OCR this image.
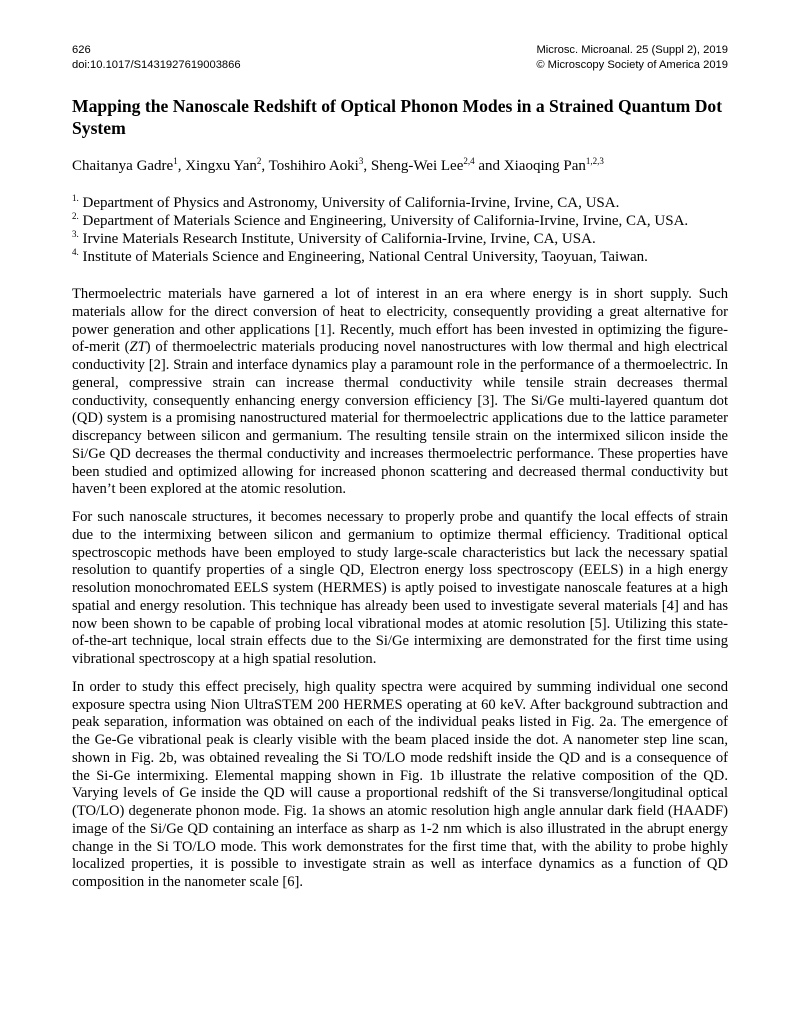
626
doi:10.1017/S1431927619003866
Microsc. Microanal. 25 (Suppl 2), 2019
© Microscopy Society of America 2019
Mapping the Nanoscale Redshift of Optical Phonon Modes in a Strained Quantum Dot System
Chaitanya Gadre$^1$, Xingxu Yan$^2$, Toshihiro Aoki$^3$, Sheng-Wei Lee$^{2,4}$ and Xiaoqing Pan$^{1,2,3}$
$^{1.}$ Department of Physics and Astronomy, University of California-Irvine, Irvine, CA, USA.
$^{2.}$ Department of Materials Science and Engineering, University of California-Irvine, Irvine, CA, USA.
$^{3.}$ Irvine Materials Research Institute, University of California-Irvine, Irvine, CA, USA.
$^{4.}$ Institute of Materials Science and Engineering, National Central University, Taoyuan, Taiwan.

Thermoelectric materials have garnered a lot of interest in an era where energy is in short supply. Such materials allow for the direct conversion of heat to electricity, consequently providing a great alternative for power generation and other applications [1]. Recently, much effort has been invested in optimizing the figure-of-merit (ZT) of thermoelectric materials producing novel nanostructures with low thermal and high electrical conductivity [2]. Strain and interface dynamics play a paramount role in the performance of a thermoelectric. In general, compressive strain can increase thermal conductivity while tensile strain decreases thermal conductivity, consequently enhancing energy conversion efficiency [3]. The Si/Ge multi-layered quantum dot (QD) system is a promising nanostructured material for thermoelectric applications due to the lattice parameter discrepancy between silicon and germanium. The resulting tensile strain on the intermixed silicon inside the Si/Ge QD decreases the thermal conductivity and increases thermoelectric performance. These properties have been studied and optimized allowing for increased phonon scattering and decreased thermal conductivity but haven’t been explored at the atomic resolution.

For such nanoscale structures, it becomes necessary to properly probe and quantify the local effects of strain due to the intermixing between silicon and germanium to optimize thermal efficiency. Traditional optical spectroscopic methods have been employed to study large-scale characteristics but lack the necessary spatial resolution to quantify properties of a single QD, Electron energy loss spectroscopy (EELS) in a high energy resolution monochromated EELS system (HERMES) is aptly poised to investigate nanoscale features at a high spatial and energy resolution. This technique has already been used to investigate several materials [4] and has now been shown to be capable of probing local vibrational modes at atomic resolution [5]. Utilizing this state-of-the-art technique, local strain effects due to the Si/Ge intermixing are demonstrated for the first time using vibrational spectroscopy at a high spatial resolution.

In order to study this effect precisely, high quality spectra were acquired by summing individual one second exposure spectra using Nion UltraSTEM 200 HERMES operating at 60 keV. After background subtraction and peak separation, information was obtained on each of the individual peaks listed in Fig. 2a. The emergence of the Ge-Ge vibrational peak is clearly visible with the beam placed inside the dot. A nanometer step line scan, shown in Fig. 2b, was obtained revealing the Si TO/LO mode redshift inside the QD and is a consequence of the Si-Ge intermixing. Elemental mapping shown in Fig. 1b illustrate the relative composition of the QD. Varying levels of Ge inside the QD will cause a proportional redshift of the Si transverse/longitudinal optical (TO/LO) degenerate phonon mode. Fig. 1a shows an atomic resolution high angle annular dark field (HAADF) image of the Si/Ge QD containing an interface as sharp as 1-2 nm which is also illustrated in the abrupt energy change in the Si TO/LO mode. This work demonstrates for the first time that, with the ability to probe highly localized properties, it is possible to investigate strain as well as interface dynamics as a function of QD composition in the nanometer scale [6].
